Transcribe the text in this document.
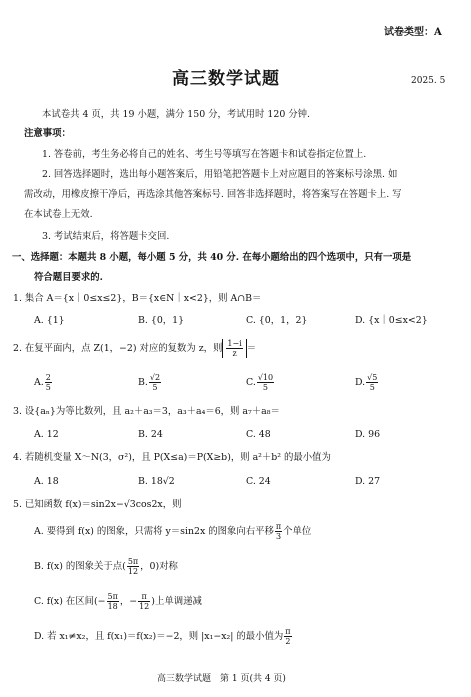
试卷类型：A
高三数学试题	2025. 5
本试卷共 4 页，共 19 小题，满分 150 分，考试用时 120 分钟.
注意事项：
1. 答卷前，考生务必将自己的姓名、考生号等填写在答题卡和试卷指定位置上.
2. 回答选择题时，选出每小题答案后，用铅笔把答题卡上对应题目的答案标号涂黑. 如
需改动，用橡皮擦干净后，再选涂其他答案标号. 回答非选择题时，将答案写在答题卡上. 写
在本试卷上无效.
3. 考试结束后，将答题卡交回.
一、选择题：本题共 8 小题，每小题 5 分，共 40 分. 在每小题给出的四个选项中，只有一项是
符合题目要求的.
1. 集合 A＝{x｜0≤x≤2}，B＝{x∈N｜x<2}，则 A∩B＝
A. {1}	B. {0，1}	C. {0，1，2}	D. {x｜0≤x<2}
2. 在复平面内，点 Z(1，−2) 对应的复数为 z，则 $\frac{1-i}{z}$ ＝
A. $\frac{2}{5}$	B. $\frac{√2}{5}$	C. $\frac{√10}{5}$	D. $\frac{√5}{5}$
3. 设{aₙ}为等比数列，且 a₂＋a₃＝3，a₃＋a₄＝6，则 a₇＋a₈＝
A. 12	B. 24	C. 48	D. 96
4. 若随机变量 X～N(3，σ²)，且 P(X≤a)＝P(X≥b)，则 a²＋b² 的最小值为
A. 18	B. 18√2	C. 24	D. 27
5. 已知函数 f(x)＝sin2x−√3cos2x，则
A. 要得到 f(x) 的图象，只需将 y＝sin2x 的图象向右平移 $\frac{\pi}{3}$ 个单位
B. f(x) 的图象关于点( $\frac{5\pi}{12}$ ，0)对称
C. f(x) 在区间(− $\frac{5\pi}{18}$ ，− $\frac{\pi}{12}$ )上单调递减
D. 若 x₁≠x₂，且 f(x₁)＝f(x₂)＝−2，则 |x₁−x₂| 的最小值为 $\frac{\pi}{2}$
高三数学试题　第 1 页(共 4 页)
